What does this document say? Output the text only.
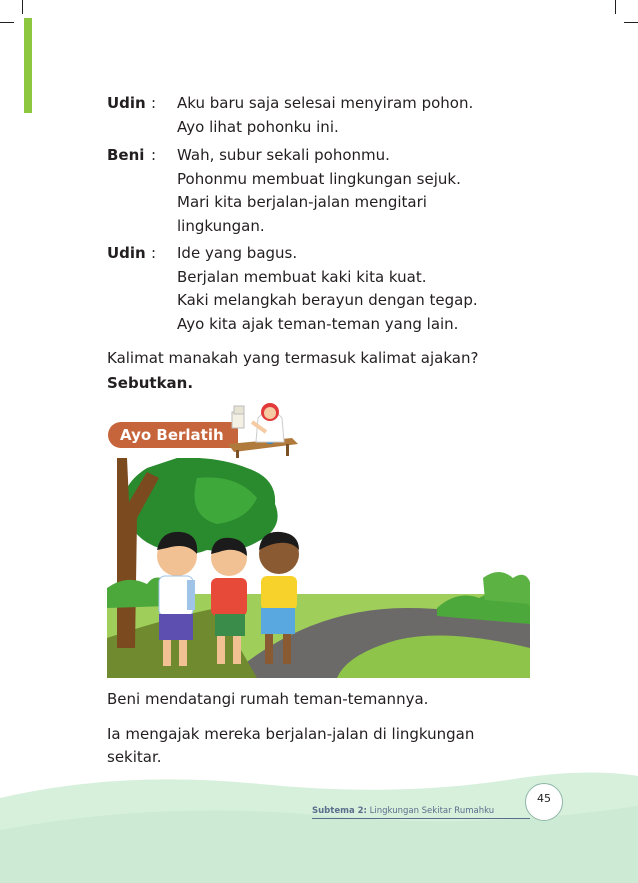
Udin :	Aku baru saja selesai menyiram pohon.
Ayo lihat pohonku ini.
Beni :	Wah, subur sekali pohonmu.
Pohonmu membuat lingkungan sejuk.
Mari kita berjalan-jalan mengitari
lingkungan.
Udin :	Ide yang bagus.
Berjalan membuat kaki kita kuat.
Kaki melangkah berayun dengan tegap.
Ayo kita ajak teman-teman yang lain.
Kalimat manakah yang termasuk kalimat ajakan?
Sebutkan.
Ayo Berlatih
Beni mendatangi rumah teman-temannya.
Ia mengajak mereka berjalan-jalan di lingkungan
sekitar.
Subtema 2: Lingkungan Sekitar Rumahku
45
